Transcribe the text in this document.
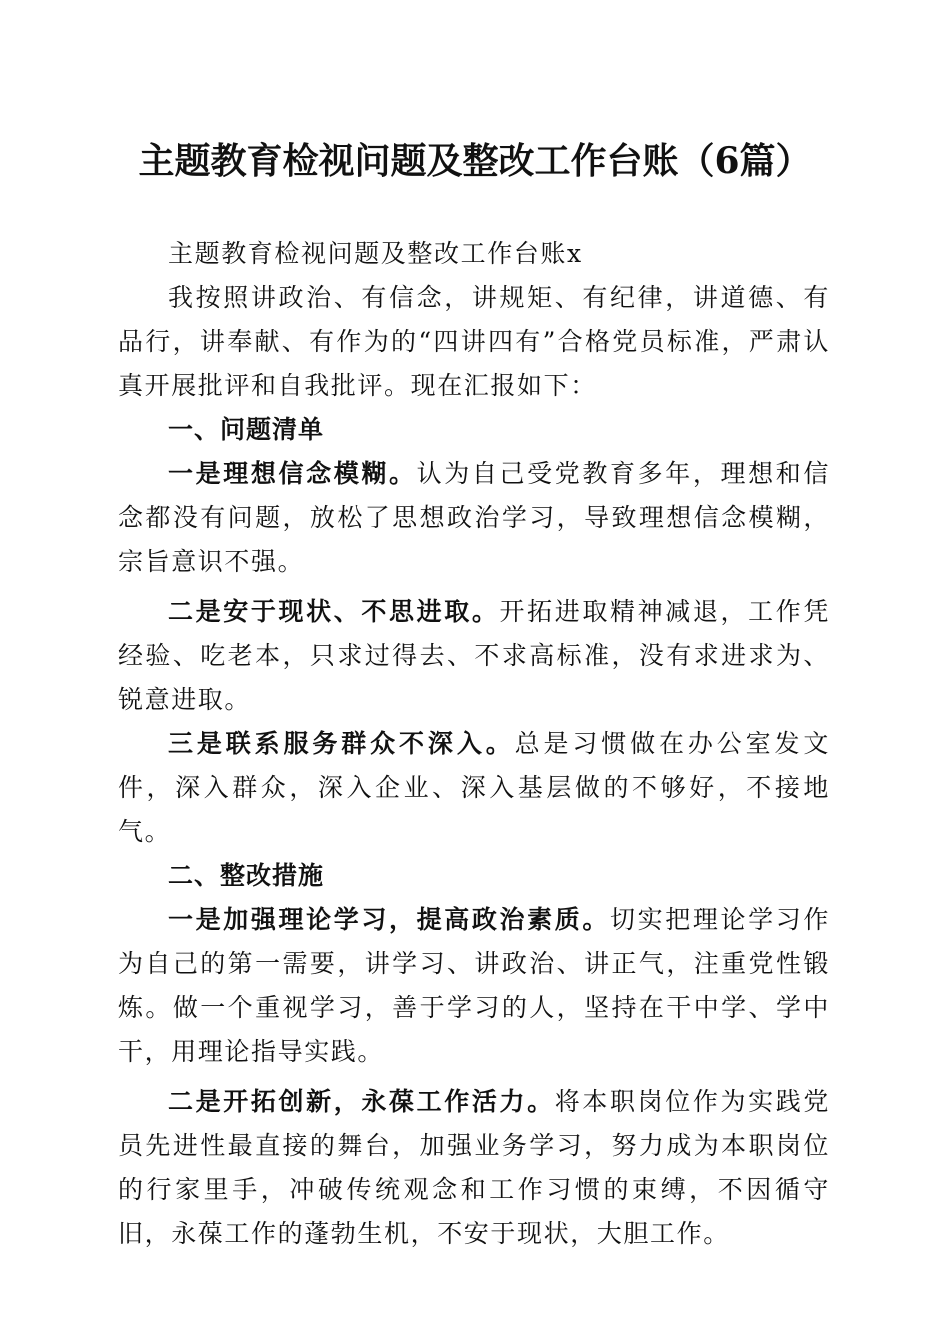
主题教育检视问题及整改工作台账（6篇）

主题教育检视问题及整改工作台账x

我按照讲政治、有信念，讲规矩、有纪律，讲道德、有品行，讲奉献、有作为的“四讲四有”合格党员标准，严肃认真开展批评和自我批评。现在汇报如下：

一、问题清单

一是理想信念模糊。认为自己受党教育多年，理想和信念都没有问题，放松了思想政治学习，导致理想信念模糊，宗旨意识不强。

二是安于现状、不思进取。开拓进取精神减退，工作凭经验、吃老本，只求过得去、不求高标准，没有求进求为、锐意进取。

三是联系服务群众不深入。总是习惯做在办公室发文件，深入群众，深入企业、深入基层做的不够好，不接地气。

二、整改措施

一是加强理论学习，提高政治素质。切实把理论学习作为自己的第一需要，讲学习、讲政治、讲正气，注重党性锻炼。做一个重视学习，善于学习的人，坚持在干中学、学中干，用理论指导实践。

二是开拓创新，永葆工作活力。将本职岗位作为实践党员先进性最直接的舞台，加强业务学习，努力成为本职岗位的行家里手，冲破传统观念和工作习惯的束缚，不因循守旧，永葆工作的蓬勃生机，不安于现状，大胆工作。
